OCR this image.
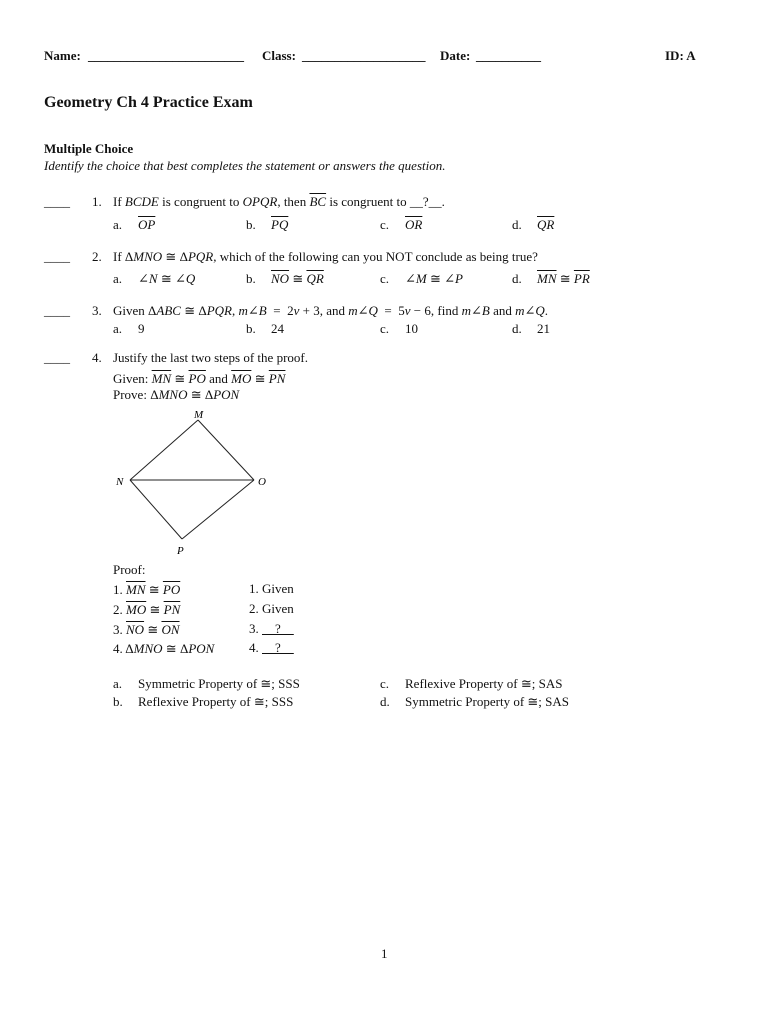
Name: ________________________ Class: ___________________ Date: __________	ID: A
Geometry Ch 4 Practice Exam
Multiple Choice
Identify the choice that best completes the statement or answers the question.
____ 1. If BCDE is congruent to OPQR, then $\overline{BC}$ is congruent to __?__.
a. $\overline{OP}$	b. $\overline{PQ}$	c. $\overline{OR}$	d. $\overline{QR}$
____ 2. If ΔMNO ≅ ΔPQR, which of the following can you NOT conclude as being true?
a. ∠N ≅ ∠Q	b. $\overline{NO}$ ≅ $\overline{QR}$	c. ∠M ≅ ∠P	d. $\overline{MN}$ ≅ $\overline{PR}$
____ 3. Given ΔABC ≅ ΔPQR, m∠B  =  2v + 3, and m∠Q  =  5v − 6, find m∠B and m∠Q.
a. 9	b. 24	c. 10	d. 21
____ 4. Justify the last two steps of the proof.
Given: $\overline{MN}$ ≅ $\overline{PO}$ and $\overline{MO}$ ≅ $\overline{PN}$
Prove: ΔMNO ≅ ΔPON
M
N	O
P
Proof:
1. $\overline{MN}$ ≅ $\overline{PO}$	1. Given
2. $\overline{MO}$ ≅ $\overline{PN}$	2. Given
3. $\overline{NO}$ ≅ $\overline{ON}$	3.     ?
4. ΔMNO ≅ ΔPON	4.     ?
a. Symmetric Property of ≅; SSS	c. Reflexive Property of ≅; SAS
b. Reflexive Property of ≅; SSS	d. Symmetric Property of ≅; SAS
1
